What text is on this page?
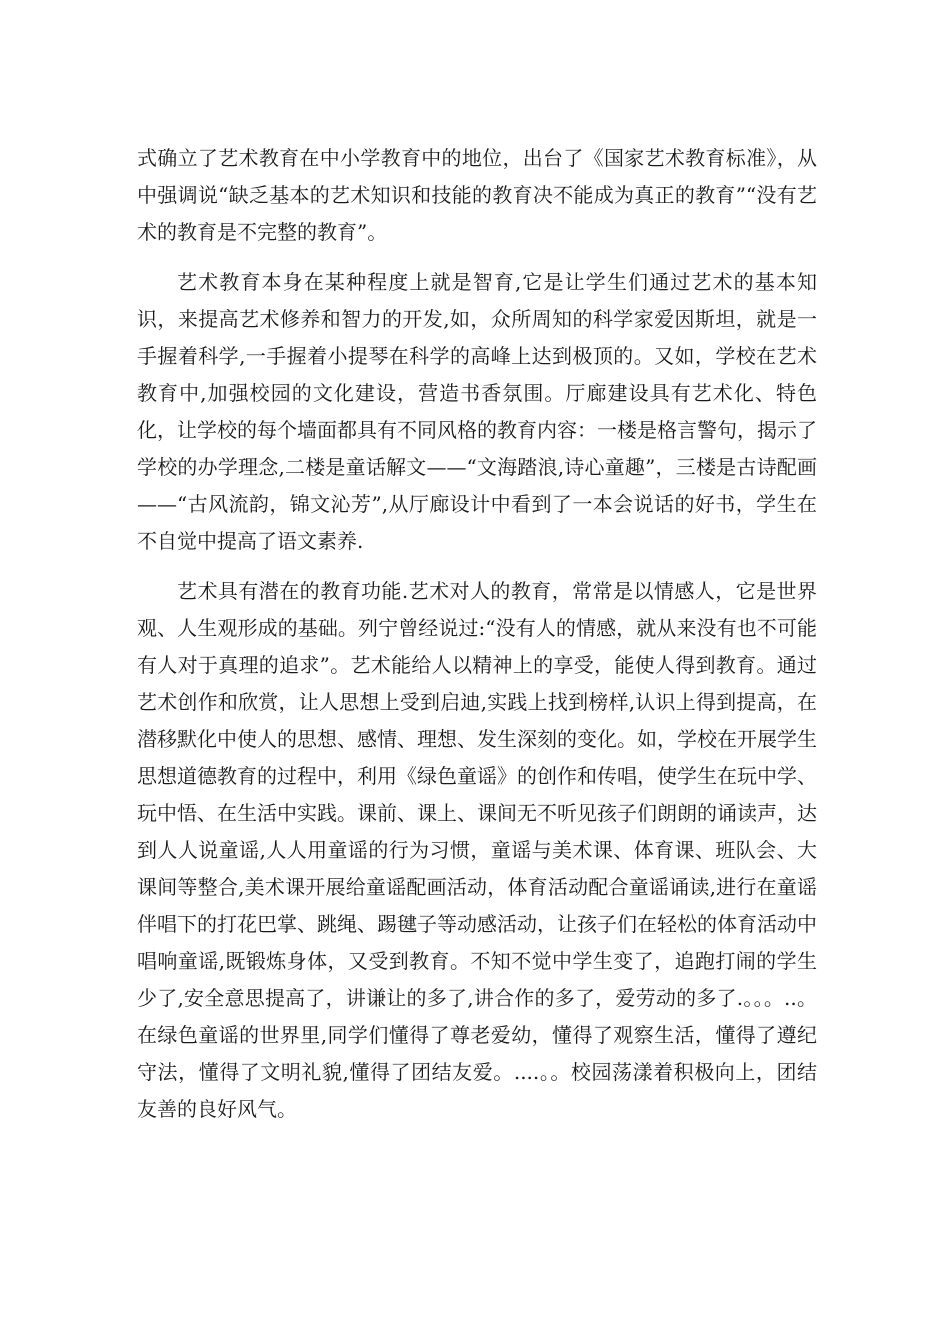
式确立了艺术教育在中小学教育中的地位，出台了《国家艺术教育标准》，从中强调说“缺乏基本的艺术知识和技能的教育决不能成为真正的教育”“没有艺术的教育是不完整的教育”。

艺术教育本身在某种程度上就是智育,它是让学生们通过艺术的基本知识，来提高艺术修养和智力的开发,如，众所周知的科学家爱因斯坦，就是一手握着科学,一手握着小提琴在科学的高峰上达到极顶的。又如，学校在艺术教育中,加强校园的文化建设，营造书香氛围。厅廊建设具有艺术化、特色化，让学校的每个墙面都具有不同风格的教育内容：一楼是格言警句，揭示了学校的办学理念,二楼是童话解文——“文海踏浪,诗心童趣”，三楼是古诗配画——“古风流韵，锦文沁芳”,从厅廊设计中看到了一本会说话的好书，学生在不自觉中提高了语文素养.

艺术具有潜在的教育功能.艺术对人的教育，常常是以情感人，它是世界观、人生观形成的基础。列宁曾经说过:“没有人的情感，就从来没有也不可能有人对于真理的追求”。艺术能给人以精神上的享受，能使人得到教育。通过艺术创作和欣赏，让人思想上受到启迪,实践上找到榜样,认识上得到提高，在潜移默化中使人的思想、感情、理想、发生深刻的变化。如，学校在开展学生思想道德教育的过程中，利用《绿色童谣》的创作和传唱，使学生在玩中学、玩中悟、在生活中实践。课前、课上、课间无不听见孩子们朗朗的诵读声，达到人人说童谣,人人用童谣的行为习惯，童谣与美术课、体育课、班队会、大课间等整合,美术课开展给童谣配画活动，体育活动配合童谣诵读,进行在童谣伴唱下的打花巴掌、跳绳、踢毽子等动感活动，让孩子们在轻松的体育活动中唱响童谣,既锻炼身体，又受到教育。不知不觉中学生变了，追跑打闹的学生少了,安全意思提高了，讲谦让的多了,讲合作的多了，爱劳动的多了.。。。..。在绿色童谣的世界里,同学们懂得了尊老爱幼，懂得了观察生活，懂得了遵纪守法，懂得了文明礼貌,懂得了团结友爱。....。。校园荡漾着积极向上，团结友善的良好风气。
